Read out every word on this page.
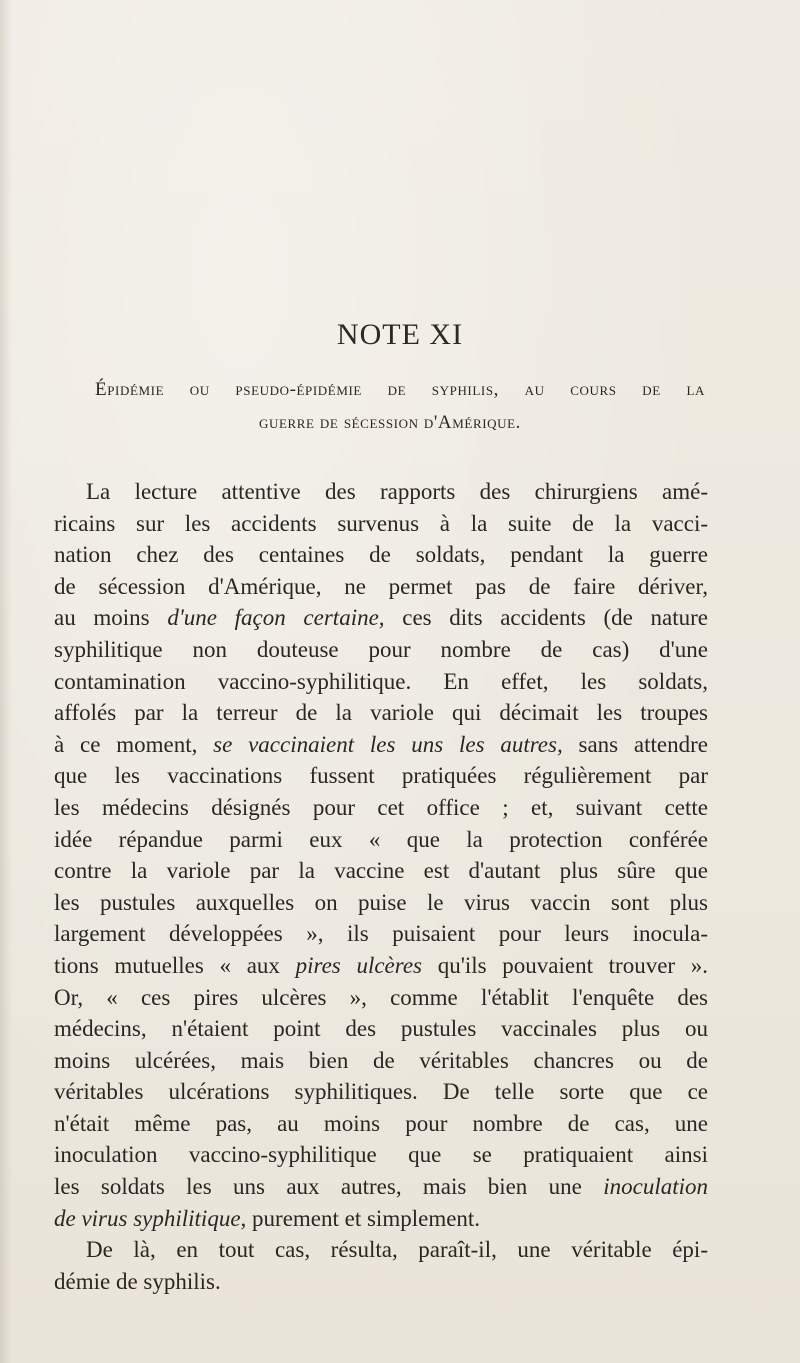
NOTE XI
Épidémie ou pseudo-épidémie de syphilis, au cours de la
guerre de sécession d'Amérique.

La lecture attentive des rapports des chirurgiens amé-
ricains sur les accidents survenus à la suite de la vacci-
nation chez des centaines de soldats, pendant la guerre
de sécession d'Amérique, ne permet pas de faire dériver,
au moins d'une façon certaine, ces dits accidents (de nature
syphilitique non douteuse pour nombre de cas) d'une
contamination vaccino-syphilitique. En effet, les soldats,
affolés par la terreur de la variole qui décimait les troupes
à ce moment, se vaccinaient les uns les autres, sans attendre
que les vaccinations fussent pratiquées régulièrement par
les médecins désignés pour cet office ; et, suivant cette
idée répandue parmi eux « que la protection conférée
contre la variole par la vaccine est d'autant plus sûre que
les pustules auxquelles on puise le virus vaccin sont plus
largement développées », ils puisaient pour leurs inocula-
tions mutuelles « aux pires ulcères qu'ils pouvaient trouver ».
Or, « ces pires ulcères », comme l'établit l'enquête des
médecins, n'étaient point des pustules vaccinales plus ou
moins ulcérées, mais bien de véritables chancres ou de
véritables ulcérations syphilitiques. De telle sorte que ce
n'était même pas, au moins pour nombre de cas, une
inoculation vaccino-syphilitique que se pratiquaient ainsi
les soldats les uns aux autres, mais bien une inoculation
de virus syphilitique, purement et simplement.

De là, en tout cas, résulta, paraît-il, une véritable épi-
démie de syphilis.
